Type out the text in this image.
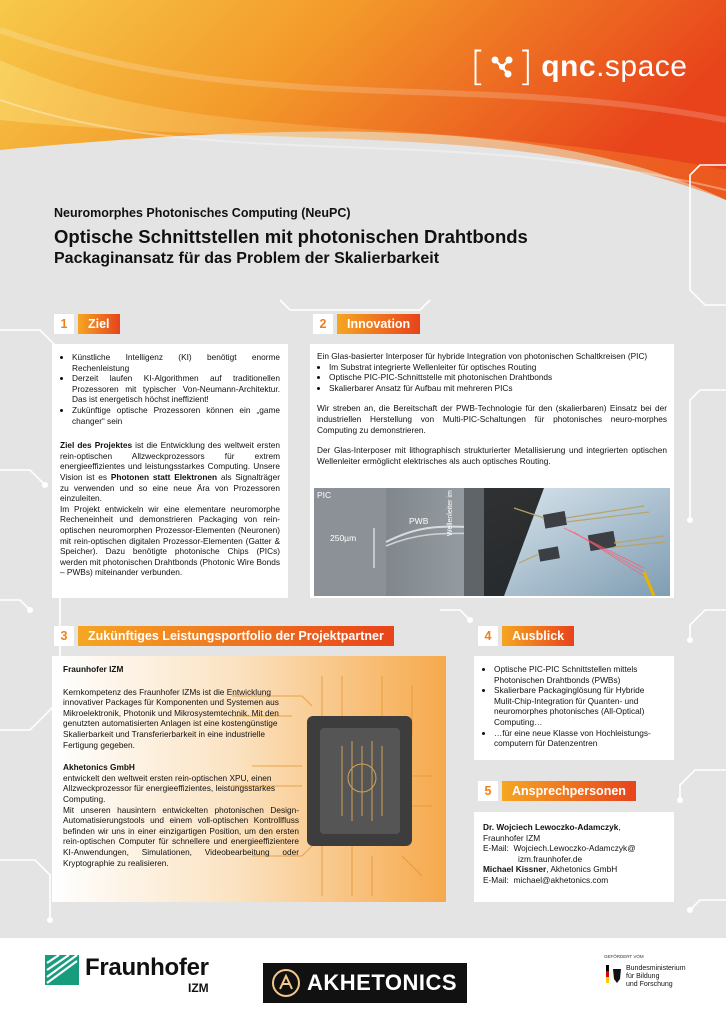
[ ] qnc.space
Neuromorphes Photonisches Computing (NeuPC)
Optische Schnittstellen mit photonischen Drahtbonds
Packaginansatz für das Problem der Skalierbarkeit
1	Ziel
• Künstliche Intelligenz (KI) benötigt enorme Rechenleistung
• Derzeit laufen KI-Algorithmen auf traditionellen Prozessoren mit typischer Von-Neumann-Architektur. Das ist energetisch höchst ineffizient!
• Zukünftige optische Prozessoren können ein „game changer“ sein

Ziel des Projektes ist die Entwicklung des weltweit ersten rein-optischen Allzweckprozessors für extrem energieeffizientes und leistungsstarkes Computing. Unsere Vision ist es Photonen statt Elektronen als Signalträger zu verwenden und so eine neue Ära von Prozessoren einzuleiten.

Im Projekt entwickeln wir eine elementare neuromorphe Recheneinheit und demonstrieren Packaging von rein-optischen neuromorphen Prozessor-Elementen (Neuronen) mit rein-optischen digitalen Prozessor-Elementen (Gatter & Speicher). Dazu benötigte photonische Chips (PICs) werden mit photonischen Drahtbonds (Photonic Wire Bonds – PWBs) miteinander verbunden.

2	Innovation

Ein Glas-basierter Interposer für hybride Integration von photonischen Schaltkreisen (PIC)

• Im Substrat integrierte Wellenleiter für optisches Routing
• Optische PIC-PIC-Schnittstelle mit photonischen Drahtbonds
• Skalierbarer Ansatz für Aufbau mit mehreren PICs

Wir streben an, die Bereitschaft der PWB-Technologie für den (skalierbaren) Einsatz bei der industriellen Herstellung von Multi-PIC-Schaltungen für photonisches neuro-morphes Computing zu demonstrieren.

Der Glas-Interposer mit lithographisch strukturierter Metallisierung und integrierten optischen Wellenleiter ermöglicht elektrisches als auch optisches Routing.

PIC
PWB
250µm
Wellenleiter im Substrat
3	Zukünftiges Leistungsportfolio der Projektpartner

Fraunhofer IZM

Kernkompetenz des Fraunhofer IZMs ist die Entwicklung innovativer Packages für Komponenten und Systemen aus Mikroelektronik, Photonik und Mikrosystemtechnik. Mit den genutzten automatisierten Anlagen ist eine kostengünstige Skalierbarkeit und Transferierbarkeit in eine industrielle Fertigung gegeben.

Akhetonics GmbH

entwickelt den weltweit ersten rein-optischen XPU, einen Allzweckprozessor für energieeffizientes, leistungsstarkes Computing.

Mit unseren hausintern entwickelten photonischen Design-Automatisierungstools und einem voll-optischen Kontrollfluss befinden wir uns in einer einzigartigen Position, um den ersten rein-optischen Computer für schnellere und energieeffizientere KI-Anwendungen, Simulationen, Videobearbeitung oder Kryptographie zu realisieren.

4	Ausblick
• Optische PIC-PIC Schnittstellen mittels Photonischen Drahtbonds (PWBs)
• Skalierbare Packaginglösung für Hybride Mulit-Chip-Integration für Quanten- und neuromorphes photonisches (All-Optical) Computing…
• …für eine neue Klasse von Hochleistungs-computern für Datenzentren
5	Ansprechpersonen

Dr. Wojciech Lewoczko-Adamczyk,

Fraunhofer IZM

E-Mail: Wojciech.Lewoczko-Adamczyk@

izm.fraunhofer.de

Michael Kissner, Akhetonics GmbH

E-Mail: michael@akhetonics.com

Fraunhofer
IZM	AKHETONICS
GEFÖRDERT VOM
Bundesministerium
für Bildung
und Forschung
